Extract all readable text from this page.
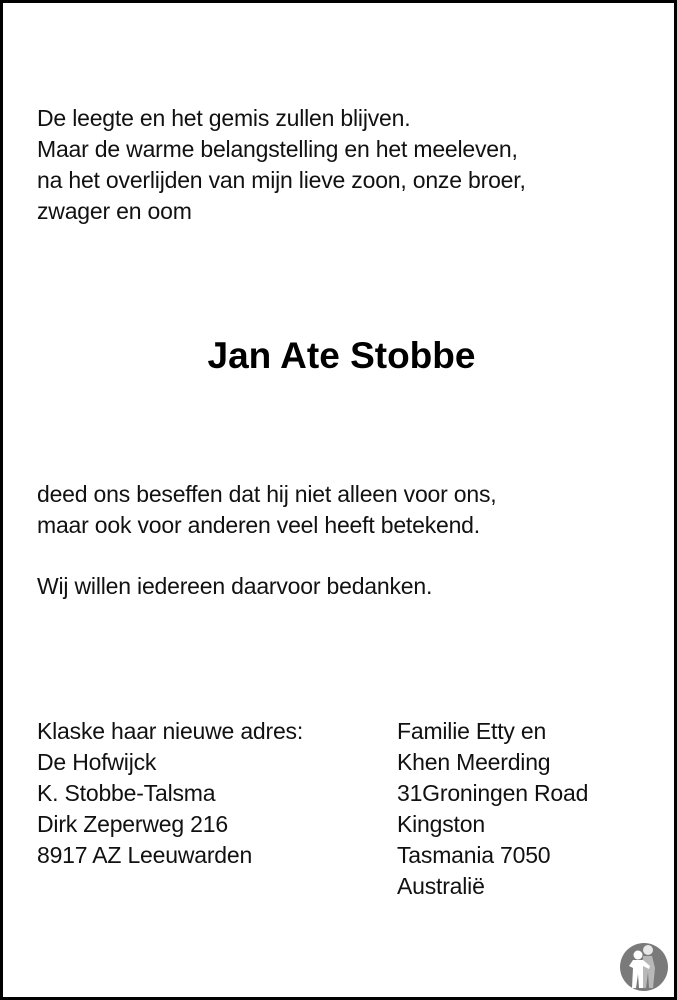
De leegte en het gemis zullen blijven.
Maar de warme belangstelling en het meeleven,
na het overlijden van mijn lieve zoon, onze broer,
zwager en oom
Jan Ate Stobbe
deed ons beseffen dat hij niet alleen voor ons,
maar ook voor anderen veel heeft betekend.
Wij willen iedereen daarvoor bedanken.
Klaske haar nieuwe adres:
De Hofwijck
K. Stobbe-Talsma
Dirk Zeperweg 216
8917 AZ Leeuwarden
Familie Etty en
Khen Meerding
31Groningen Road
Kingston
Tasmania 7050
Australië
